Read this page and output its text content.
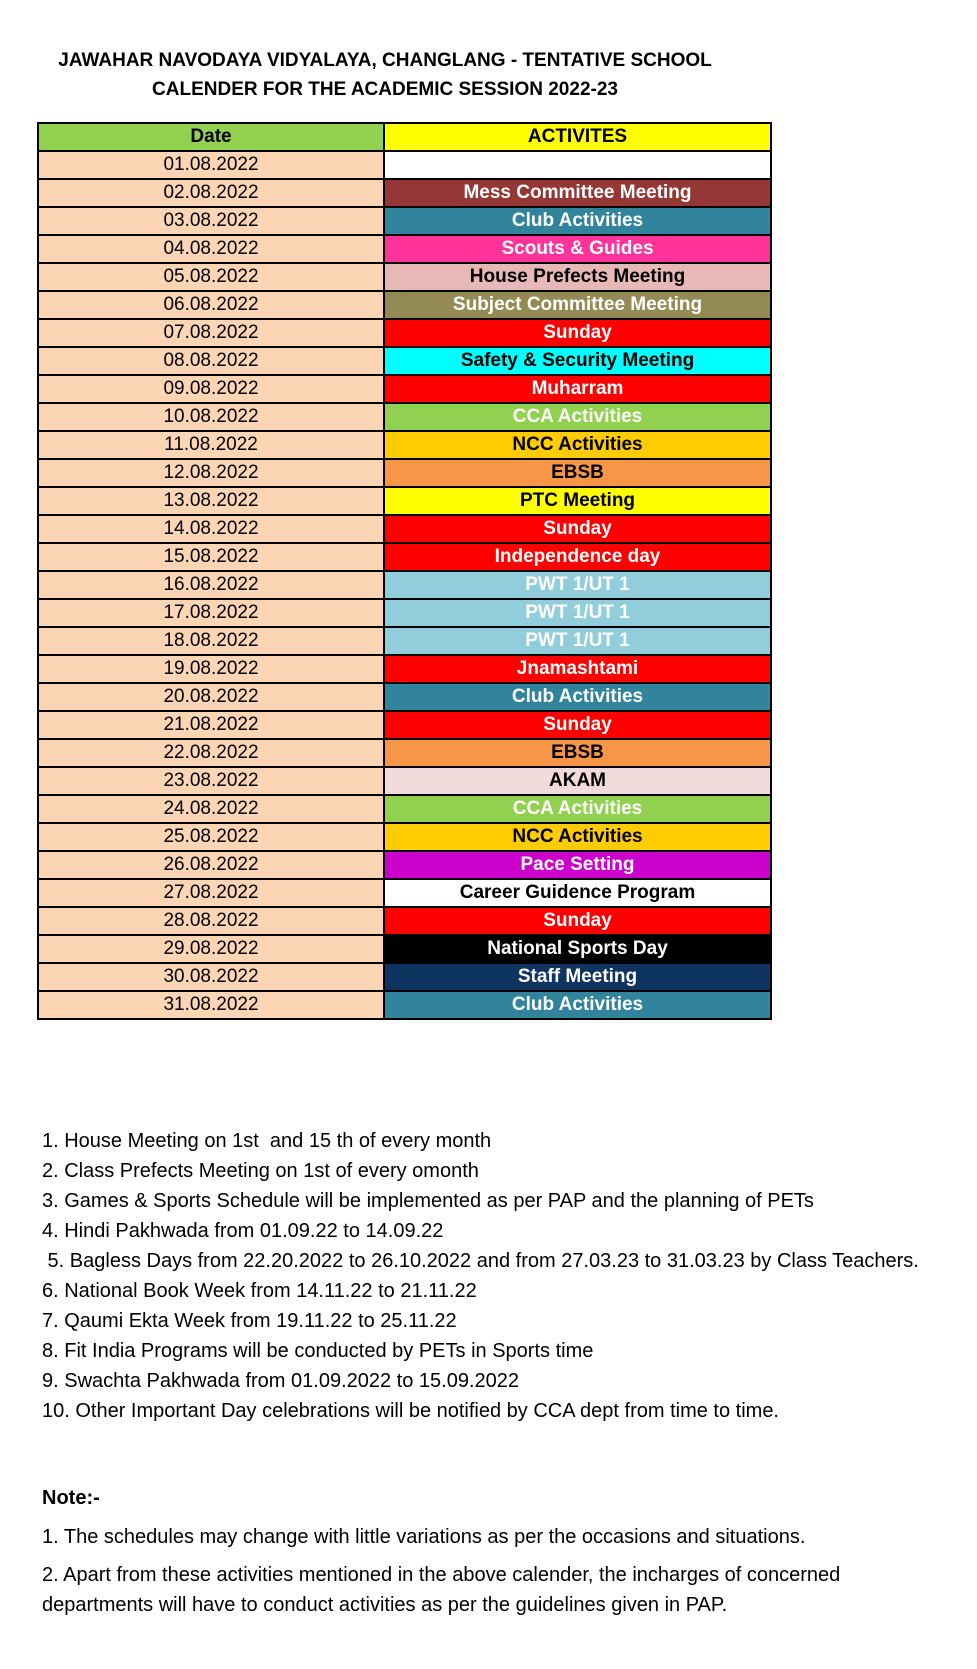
JAWAHAR NAVODAYA VIDYALAYA, CHANGLANG - TENTATIVE SCHOOL
CALENDER FOR THE ACADEMIC SESSION 2022-23
Date	ACTIVITES
01.08.2022	
02.08.2022	Mess Committee Meeting
03.08.2022	Club Activities
04.08.2022	Scouts & Guides
05.08.2022	House Prefects Meeting
06.08.2022	Subject Committee Meeting
07.08.2022	Sunday
08.08.2022	Safety & Security Meeting
09.08.2022	Muharram
10.08.2022	CCA Activities
11.08.2022	NCC Activities
12.08.2022	EBSB
13.08.2022	PTC Meeting
14.08.2022	Sunday
15.08.2022	Independence day
16.08.2022	PWT 1/UT 1
17.08.2022	PWT 1/UT 1
18.08.2022	PWT 1/UT 1
19.08.2022	Jnamashtami
20.08.2022	Club Activities
21.08.2022	Sunday
22.08.2022	EBSB
23.08.2022	AKAM
24.08.2022	CCA Activities
25.08.2022	NCC Activities
26.08.2022	Pace Setting
27.08.2022	Career Guidence Program
28.08.2022	Sunday
29.08.2022	National Sports Day
30.08.2022	Staff Meeting
31.08.2022	Club Activities
1. House Meeting on 1st  and 15 th of every month
2. Class Prefects Meeting on 1st of every omonth
3. Games & Sports Schedule will be implemented as per PAP and the planning of PETs
4. Hindi Pakhwada from 01.09.22 to 14.09.22
5. Bagless Days from 22.20.2022 to 26.10.2022 and from 27.03.23 to 31.03.23 by Class Teachers.
6. National Book Week from 14.11.22 to 21.11.22
7. Qaumi Ekta Week from 19.11.22 to 25.11.22
8. Fit India Programs will be conducted by PETs in Sports time
9. Swachta Pakhwada from 01.09.2022 to 15.09.2022
10. Other Important Day celebrations will be notified by CCA dept from time to time.
Note:-
1. The schedules may change with little variations as per the occasions and situations.
2. Apart from these activities mentioned in the above calender, the incharges of concerned departments will have to conduct activities as per the guidelines given in PAP.
